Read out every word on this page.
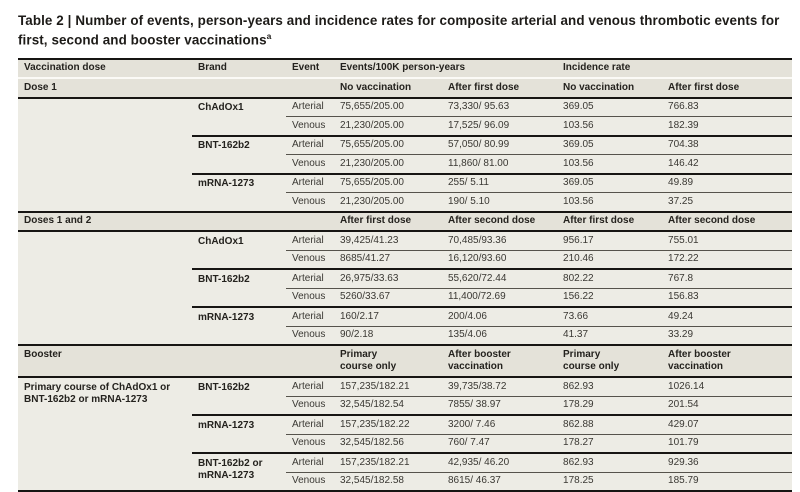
Table 2 | Number of events, person-years and incidence rates for composite arterial and venous thrombotic events for first, second and booster vaccinations$^a$
Vaccination dose	Brand	Event	Events/100K person-years		Incidence rate	
Dose 1			No vaccination	After first dose	No vaccination	After first dose
	ChAdOx1	Arterial	75,655/205.00	73,330/ 95.63	369.05	766.83
		Venous	21,230/205.00	17,525/ 96.09	103.56	182.39
	BNT-162b2	Arterial	75,655/205.00	57,050/ 80.99	369.05	704.38
		Venous	21,230/205.00	11,860/ 81.00	103.56	146.42
	mRNA-1273	Arterial	75,655/205.00	255/ 5.11	369.05	49.89
		Venous	21,230/205.00	190/ 5.10	103.56	37.25
Doses 1 and 2			After first dose	After second dose	After first dose	After second dose
	ChAdOx1	Arterial	39,425/41.23	70,485/93.36	956.17	755.01
		Venous	8685/41.27	16,120/93.60	210.46	172.22
	BNT-162b2	Arterial	26,975/33.63	55,620/72.44	802.22	767.8
		Venous	5260/33.67	11,400/72.69	156.22	156.83
	mRNA-1273	Arterial	160/2.17	200/4.06	73.66	49.24
		Venous	90/2.18	135/4.06	41.37	33.29
Booster			Primary course only	After booster vaccination	Primary course only	After booster vaccination
Primary course of ChAdOx1 or BNT-162b2 or mRNA-1273	BNT-162b2	Arterial	157,235/182.21	39,735/38.72	862.93	1026.14
		Venous	32,545/182.54	7855/ 38.97	178.29	201.54
	mRNA-1273	Arterial	157,235/182.22	3200/ 7.46	862.88	429.07
		Venous	32,545/182.56	760/ 7.47	178.27	101.79
	BNT-162b2 or mRNA-1273	Arterial	157,235/182.21	42,935/ 46.20	862.93	929.36
		Venous	32,545/182.58	8615/ 46.37	178.25	185.79
